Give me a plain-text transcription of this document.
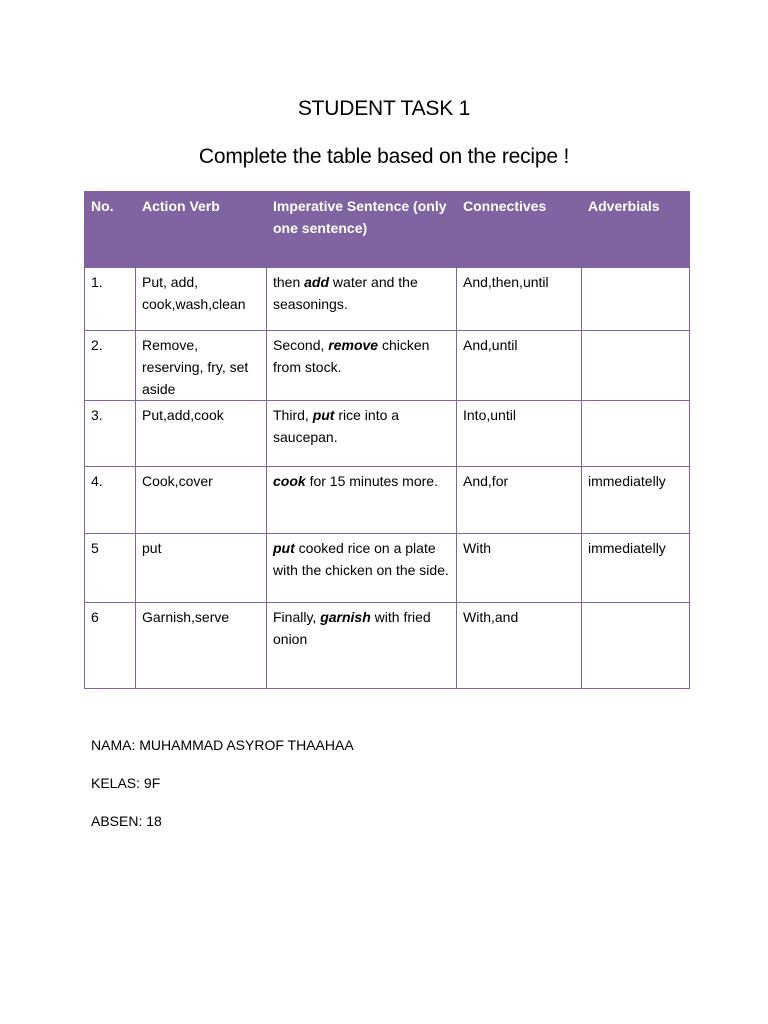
STUDENT TASK 1
Complete the table based on the recipe !
No.	Action Verb	Imperative Sentence (only one sentence)	Connectives	Adverbials
1.	Put, add, cook,wash,clean	then add water and the seasonings.	And,then,until	
2.	Remove, reserving, fry, set aside	Second, remove chicken from stock.	And,until	
3.	Put,add,cook	Third, put rice into a saucepan.	Into,until	
4.	Cook,cover	cook for 15 minutes more.	And,for	immediatelly
5	put	put cooked rice on a plate with the chicken on the side.	With	immediatelly
6	Garnish,serve	Finally, garnish with fried onion	With,and	
NAMA: MUHAMMAD ASYROF THAAHAA
KELAS: 9F
ABSEN: 18
